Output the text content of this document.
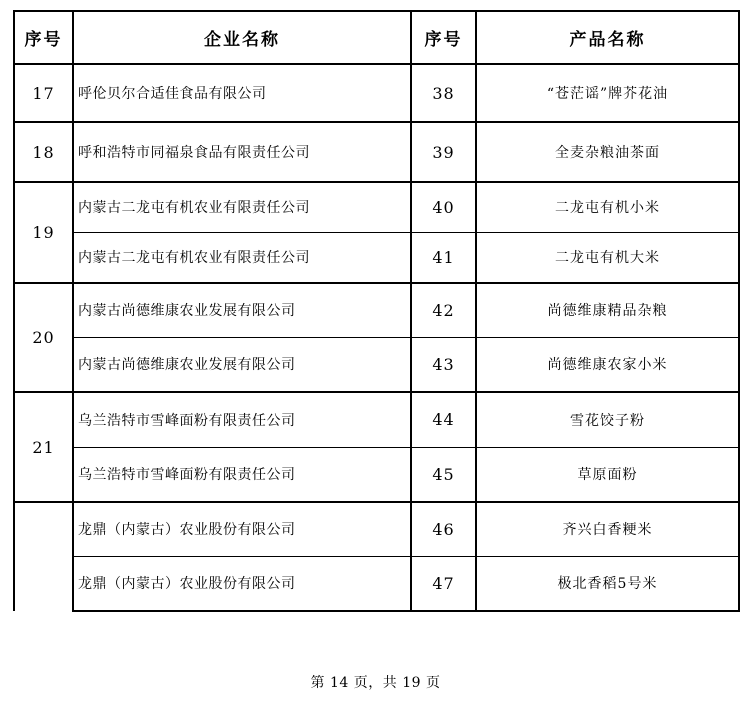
序号	企业名称	序号	产品名称
17	呼伦贝尔合适佳食品有限公司	38	“苍茫谣”牌芥花油
18	呼和浩特市同福泉食品有限责任公司	39	全麦杂粮油茶面
19	内蒙古二龙屯有机农业有限责任公司	40	二龙屯有机小米
	内蒙古二龙屯有机农业有限责任公司	41	二龙屯有机大米
20	内蒙古尚德维康农业发展有限公司	42	尚德维康精品杂粮
	内蒙古尚德维康农业发展有限公司	43	尚德维康农家小米
21	乌兰浩特市雪峰面粉有限责任公司	44	雪花饺子粉
	乌兰浩特市雪峰面粉有限责任公司	45	草原面粉
	龙鼎（内蒙古）农业股份有限公司	46	齐兴白香粳米
	龙鼎（内蒙古）农业股份有限公司	47	极北香稻5号米
第 14 页，共 19 页
